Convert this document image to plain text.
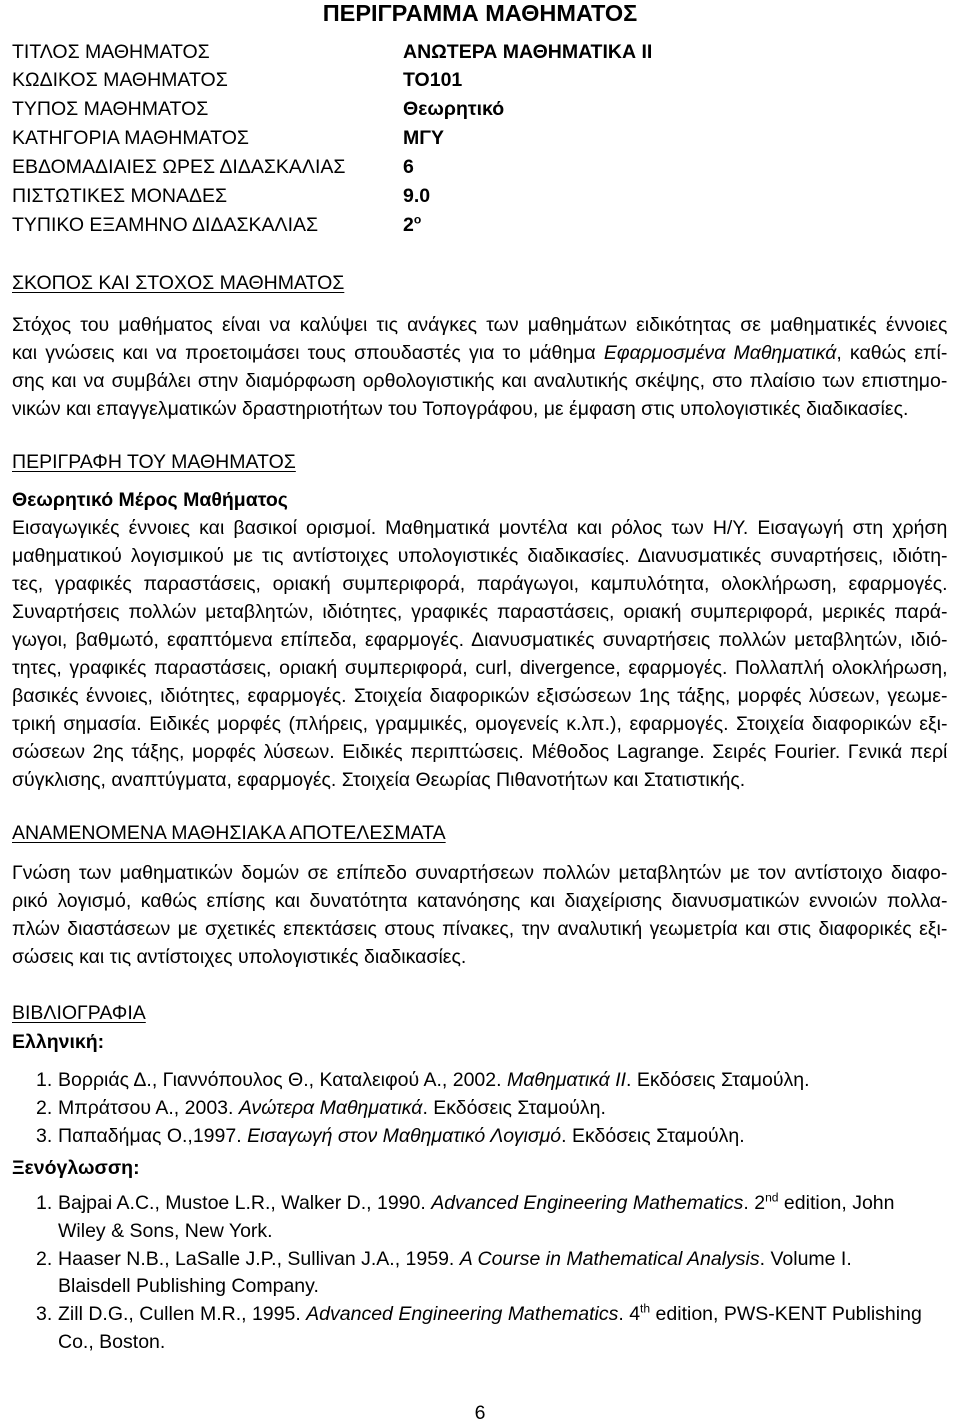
ΠΕΡΙΓΡΑΜΜΑ ΜΑΘΗΜΑΤΟΣ
ΤΙΤΛΟΣ ΜΑΘΗΜΑΤΟΣ	ΑΝΩΤΕΡΑ ΜΑΘΗΜΑΤΙΚΑ ΙΙ
ΚΩΔΙΚΟΣ ΜΑΘΗΜΑΤΟΣ	ΤΟ101
ΤΥΠΟΣ ΜΑΘΗΜΑΤΟΣ	Θεωρητικό
ΚΑΤΗΓΟΡΙΑ ΜΑΘΗΜΑΤΟΣ	ΜΓΥ
ΕΒΔΟΜΑΔΙΑΙΕΣ ΩΡΕΣ ΔΙΔΑΣΚΑΛΙΑΣ	6
ΠΙΣΤΩΤΙΚΕΣ ΜΟΝΑΔΕΣ	9.0
ΤΥΠΙΚΟ ΕΞΑΜΗΝΟ ΔΙΔΑΣΚΑΛΙΑΣ	$2^o$
ΣΚΟΠΟΣ ΚΑΙ ΣΤΟΧΟΣ ΜΑΘΗΜΑΤΟΣ
Στόχος του μαθήματος είναι να καλύψει τις ανάγκες των μαθημάτων ειδικότητας σε μαθηματικές έννοιες
και γνώσεις και να προετοιμάσει τους σπουδαστές για το μάθημα Εφαρμοσμένα Μαθηματικά, καθώς επί-
σης και να συμβάλει στην διαμόρφωση ορθολογιστικής και αναλυτικής σκέψης, στο πλαίσιο των επιστημο-
νικών και επαγγελματικών δραστηριοτήτων του Τοπογράφου, με έμφαση στις υπολογιστικές διαδικασίες.
ΠΕΡΙΓΡΑΦΗ ΤΟΥ ΜΑΘΗΜΑΤΟΣ
Θεωρητικό Μέρος Μαθήματος
Εισαγωγικές έννοιες και βασικοί ορισμοί. Μαθηματικά μοντέλα και ρόλος των Η/Υ. Εισαγωγή στη χρήση
μαθηματικού λογισμικού με τις αντίστοιχες υπολογιστικές διαδικασίες. Διανυσματικές συναρτήσεις, ιδιότη-
τες, γραφικές παραστάσεις, οριακή συμπεριφορά, παράγωγοι, καμπυλότητα, ολοκλήρωση, εφαρμογές.
Συναρτήσεις πολλών μεταβλητών, ιδιότητες, γραφικές παραστάσεις, οριακή συμπεριφορά, μερικές παρά-
γωγοι, βαθμωτό, εφαπτόμενα επίπεδα, εφαρμογές. Διανυσματικές συναρτήσεις πολλών μεταβλητών, ιδιό-
τητες, γραφικές παραστάσεις, οριακή συμπεριφορά, curl, divergence, εφαρμογές. Πολλαπλή ολοκλήρωση,
βασικές έννοιες, ιδιότητες, εφαρμογές. Στοιχεία διαφορικών εξισώσεων 1ης τάξης, μορφές λύσεων, γεωμε-
τρική σημασία. Ειδικές μορφές (πλήρεις, γραμμικές, ομογενείς κ.λπ.), εφαρμογές. Στοιχεία διαφορικών εξι-
σώσεων 2ης τάξης, μορφές λύσεων. Ειδικές περιπτώσεις. Μέθοδος Lagrange. Σειρές Fourier. Γενικά περί
σύγκλισης, αναπτύγματα, εφαρμογές. Στοιχεία Θεωρίας Πιθανοτήτων και Στατιστικής.
ΑΝΑΜΕΝΟΜΕΝΑ ΜΑΘΗΣΙΑΚΑ ΑΠΟΤΕΛΕΣΜΑΤΑ
Γνώση των μαθηματικών δομών σε επίπεδο συναρτήσεων πολλών μεταβλητών με τον αντίστοιχο διαφο-
ρικό λογισμό, καθώς επίσης και δυνατότητα κατανόησης και διαχείρισης διανυσματικών εννοιών πολλα-
πλών διαστάσεων με σχετικές επεκτάσεις στους πίνακες, την αναλυτική γεωμετρία και στις διαφορικές εξι-
σώσεις και τις αντίστοιχες υπολογιστικές διαδικασίες.
ΒΙΒΛΙΟΓΡΑΦΙΑ
Ελληνική:
1. Βορριάς Δ., Γιαννόπουλος Θ., Καταλειφού Α., 2002. Μαθηματικά ΙΙ. Εκδόσεις Σταμούλη.
2. Μπράτσου Α., 2003. Ανώτερα Μαθηματικά. Εκδόσεις Σταμούλη.
3. Παπαδήμας Ο.,1997. Εισαγωγή στον Μαθηματικό Λογισμό. Εκδόσεις Σταμούλη.
Ξενόγλωσση:
1. Bajpai A.C., Mustoe L.R., Walker D., 1990. Advanced Engineering Mathematics. 2nd edition, John
Wiley & Sons, New York.
2. Haaser N.B., LaSalle J.P., Sullivan J.A., 1959. A Course in Mathematical Analysis. Volume I.
Blaisdell Publishing Company.
3. Zill D.G., Cullen M.R., 1995. Advanced Engineering Mathematics. 4th edition, PWS-KENT Publishing
Co., Boston.
6
